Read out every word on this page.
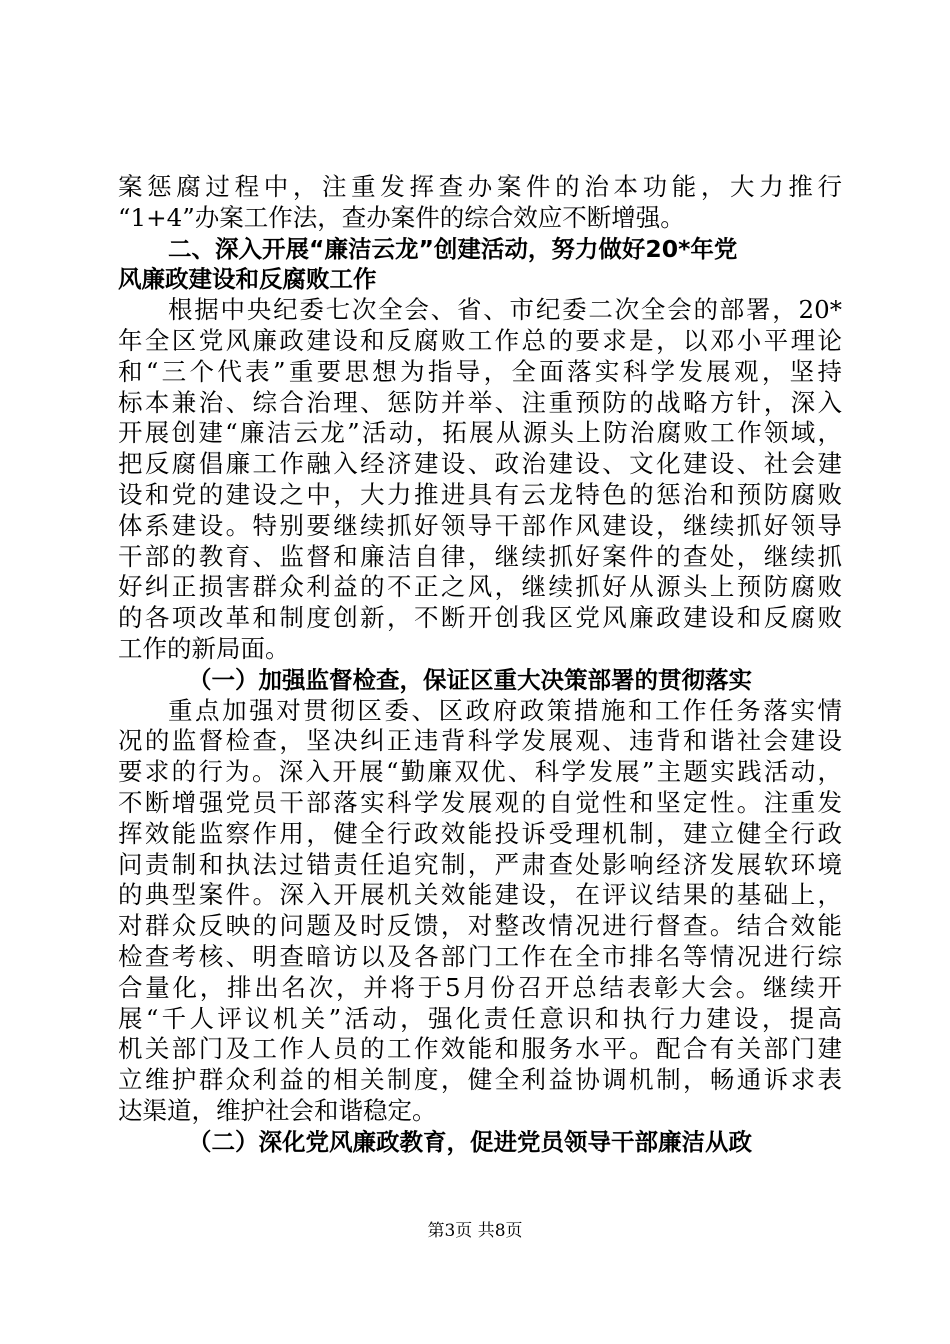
案惩腐过程中，注重发挥查办案件的治本功能，大力推行
“1+4”办案工作法，查办案件的综合效应不断增强。
二、深入开展“廉洁云龙”创建活动，努力做好20*年党
风廉政建设和反腐败工作
根据中央纪委七次全会、省、市纪委二次全会的部署，20*
年全区党风廉政建设和反腐败工作总的要求是，以邓小平理论
和“三个代表”重要思想为指导，全面落实科学发展观，坚持
标本兼治、综合治理、惩防并举、注重预防的战略方针，深入
开展创建“廉洁云龙”活动，拓展从源头上防治腐败工作领域，
把反腐倡廉工作融入经济建设、政治建设、文化建设、社会建
设和党的建设之中，大力推进具有云龙特色的惩治和预防腐败
体系建设。特别要继续抓好领导干部作风建设，继续抓好领导
干部的教育、监督和廉洁自律，继续抓好案件的查处，继续抓
好纠正损害群众利益的不正之风，继续抓好从源头上预防腐败
的各项改革和制度创新，不断开创我区党风廉政建设和反腐败
工作的新局面。
（一）加强监督检查，保证区重大决策部署的贯彻落实
重点加强对贯彻区委、区政府政策措施和工作任务落实情
况的监督检查，坚决纠正违背科学发展观、违背和谐社会建设
要求的行为。深入开展“勤廉双优、科学发展”主题实践活动，
不断增强党员干部落实科学发展观的自觉性和坚定性。注重发
挥效能监察作用，健全行政效能投诉受理机制，建立健全行政
问责制和执法过错责任追究制，严肃查处影响经济发展软环境
的典型案件。深入开展机关效能建设，在评议结果的基础上，
对群众反映的问题及时反馈，对整改情况进行督查。结合效能
检查考核、明查暗访以及各部门工作在全市排名等情况进行综
合量化，排出名次，并将于5月份召开总结表彰大会。继续开
展“千人评议机关”活动，强化责任意识和执行力建设，提高
机关部门及工作人员的工作效能和服务水平。配合有关部门建
立维护群众利益的相关制度，健全利益协调机制，畅通诉求表
达渠道，维护社会和谐稳定。
（二）深化党风廉政教育，促进党员领导干部廉洁从政
第3页 共8页
